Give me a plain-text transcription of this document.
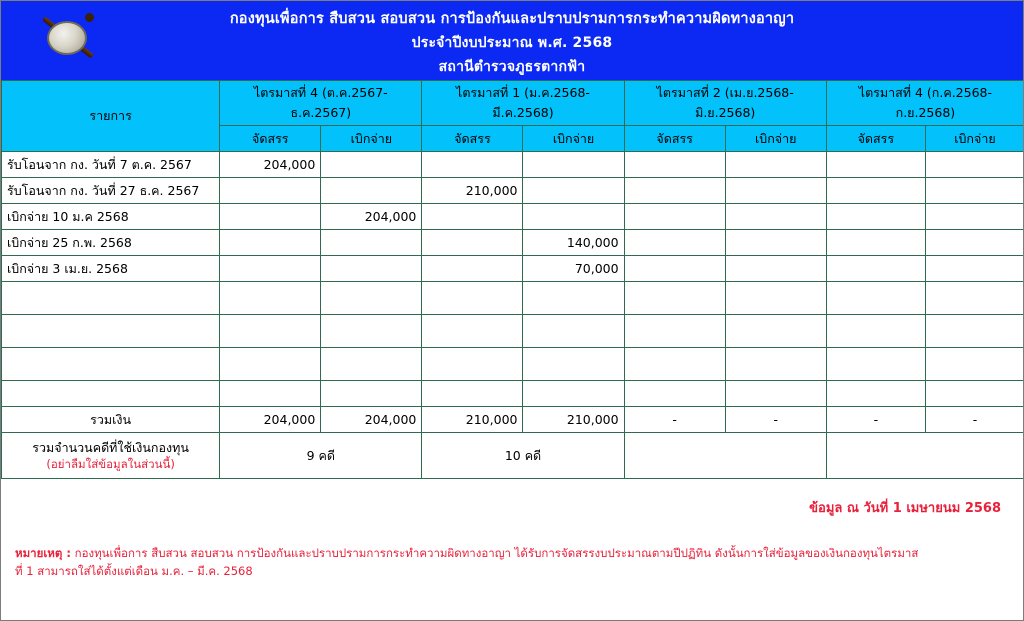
กองทุนเพื่อการ สืบสวน สอบสวน การป้องกันและปราบปรามการกระทำความผิดทางอาญา
ประจำปีงบประมาณ พ.ศ. 2568
สถานีตำรวจภูธรตากฟ้า
รายการ	ไตรมาสที่ 4 (ต.ค.2567-ธ.ค.2567)		ไตรมาสที่ 1 (ม.ค.2568-มี.ค.2568)		ไตรมาสที่ 2 (เม.ย.2568-มิ.ย.2568)		ไตรมาสที่ 4 (ก.ค.2568-ก.ย.2568)	
	จัดสรร	เบิกจ่าย	จัดสรร	เบิกจ่าย	จัดสรร	เบิกจ่าย	จัดสรร	เบิกจ่าย
รับโอนจาก กง. วันที่ 7 ต.ค. 2567	204,000							
รับโอนจาก กง. วันที่ 27 ธ.ค. 2567			210,000					
เบิกจ่าย 10 ม.ค 2568		204,000						
เบิกจ่าย 25 ก.พ. 2568				140,000				
เบิกจ่าย 3 เม.ย. 2568				70,000				

รวมเงิน	204,000	204,000	210,000	210,000	-	-	-	-
รวมจำนวนคดีที่ใช้เงินกองทุน
(อย่าลืมใส่ข้อมูลในส่วนนี้)	9 คดี		10 คดี					
ข้อมูล ณ วันที่ 1 เมษายนม 2568
หมายเหตุ : กองทุนเพื่อการ สืบสวน สอบสวน การป้องกันและปราบปรามการกระทำความผิดทางอาญา ได้รับการจัดสรรงบประมาณตามปีปฏิทิน ดังนั้นการใส่ข้อมูลของเงินกองทุนไตรมาส
ที่ 1 สามารถใส่ได้ตั้งแต่เดือน ม.ค. – มี.ค. 2568
